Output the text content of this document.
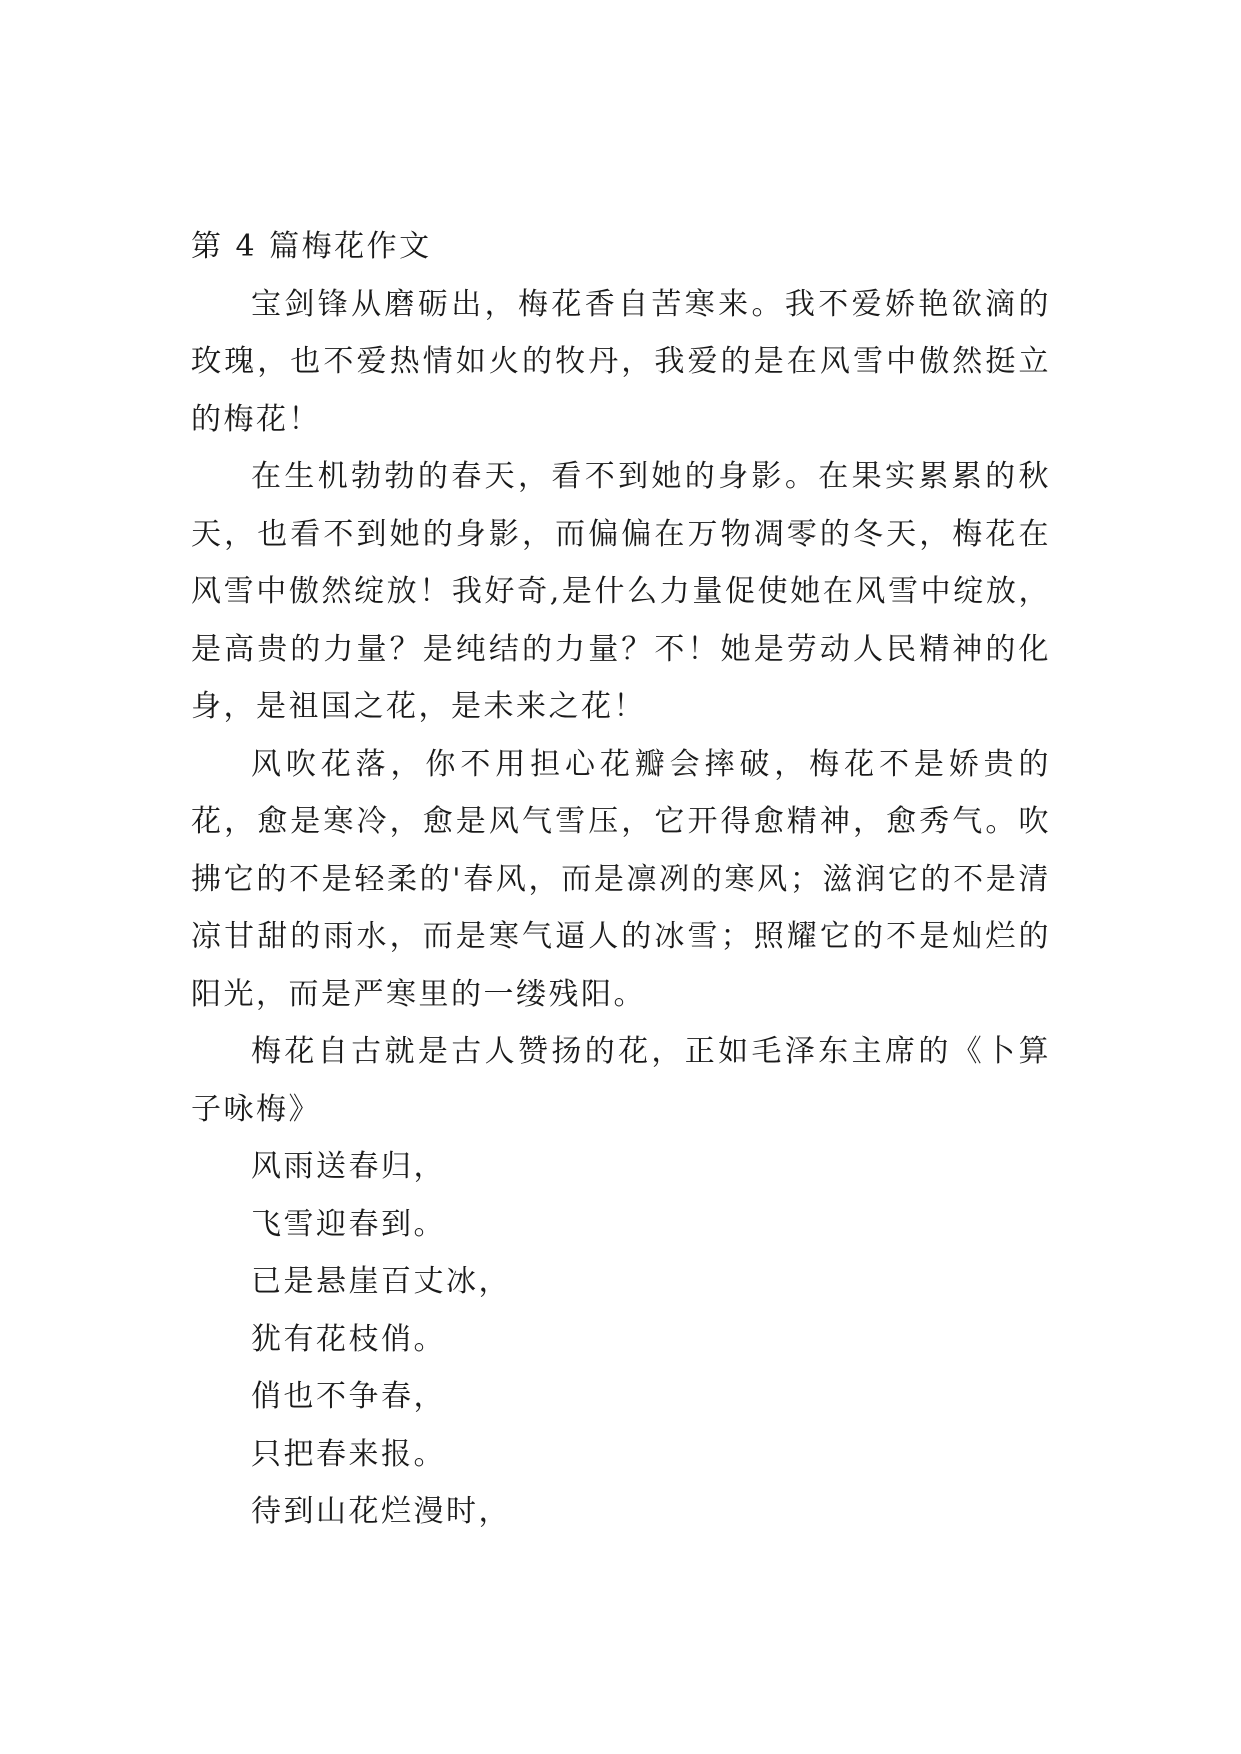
第 4 篇梅花作文

宝剑锋从磨砺出，梅花香自苦寒来。我不爱娇艳欲滴的玫瑰，也不爱热情如火的牧丹，我爱的是在风雪中傲然挺立的梅花！

在生机勃勃的春天，看不到她的身影。在果实累累的秋天，也看不到她的身影，而偏偏在万物凋零的冬天，梅花在风雪中傲然绽放！我好奇,是什么力量促使她在风雪中绽放，是高贵的力量？是纯结的力量？不！她是劳动人民精神的化身，是祖国之花，是未来之花！

风吹花落，你不用担心花瓣会摔破，梅花不是娇贵的花，愈是寒冷，愈是风气雪压，它开得愈精神，愈秀气。吹拂它的不是轻柔的'春风，而是凛冽的寒风；滋润它的不是清凉甘甜的雨水，而是寒气逼人的冰雪；照耀它的不是灿烂的阳光，而是严寒里的一缕残阳。

梅花自古就是古人赞扬的花，正如毛泽东主席的《卜算子咏梅》

风雨送春归，
飞雪迎春到。
已是悬崖百丈冰，
犹有花枝俏。
俏也不争春，
只把春来报。
待到山花烂漫时，
